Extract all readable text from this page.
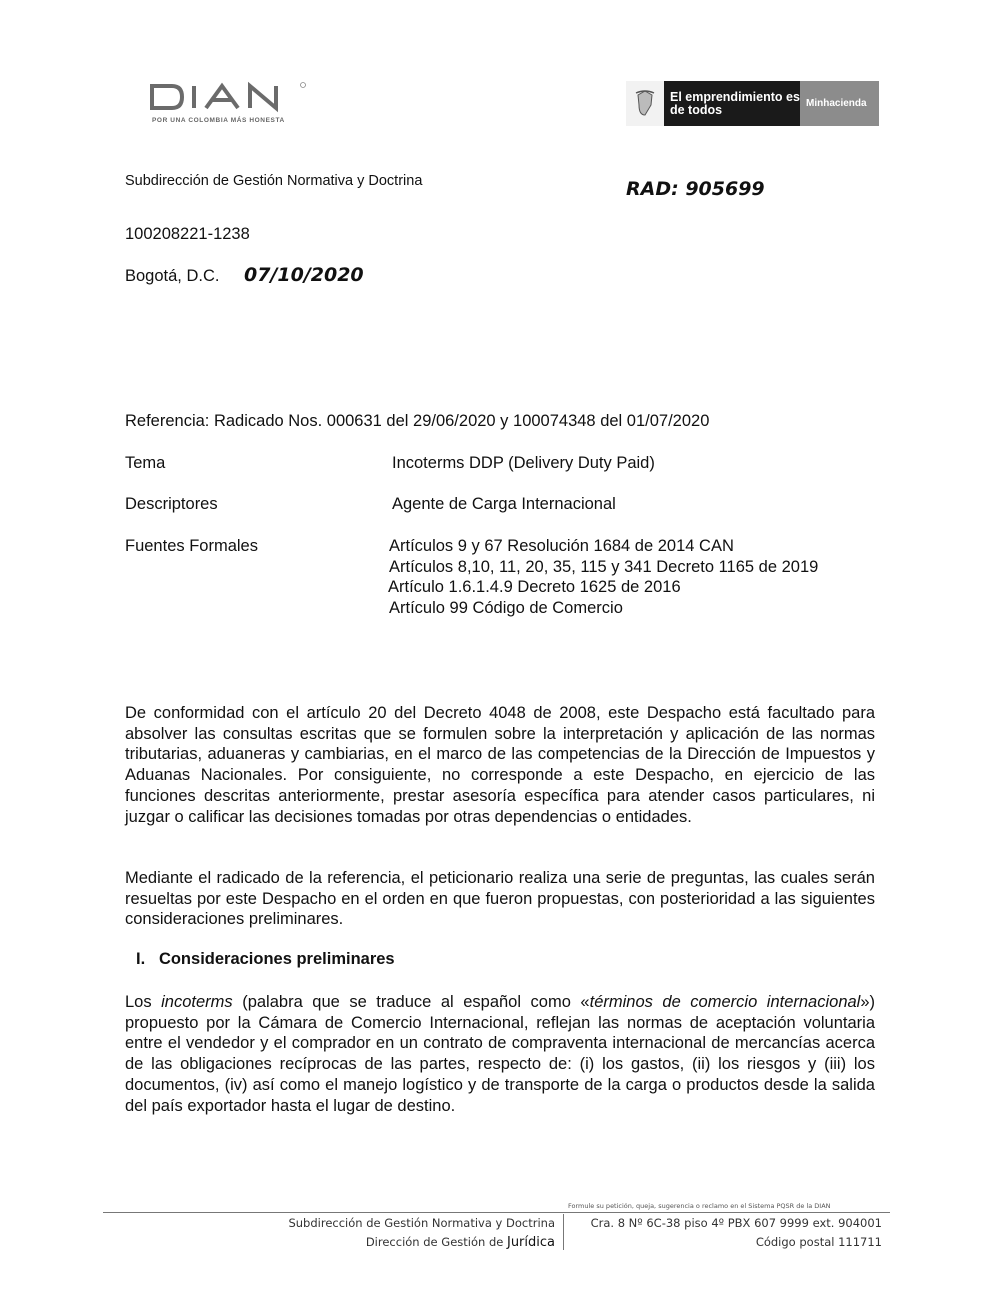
POR UNA COLOMBIA MÁS HONESTA
El emprendimiento es de todos	Minhacienda
Subdirección de Gestión Normativa y Doctrina	RAD: 905699
100208221-1238
Bogotá, D.C. 07/10/2020
Referencia: Radicado Nos. 000631 del 29/06/2020 y 100074348 del 01/07/2020
Tema	Incoterms DDP (Delivery Duty Paid)
Descriptores	Agente de Carga Internacional
Fuentes Formales	Artículos 9 y 67 Resolución 1684 de 2014 CAN
Artículos 8,10, 11, 20, 35, 115 y 341 Decreto 1165 de 2019
Artículo 1.6.1.4.9 Decreto 1625 de 2016
Artículo 99 Código de Comercio
De conformidad con el artículo 20 del Decreto 4048 de 2008, este Despacho está facultado para absolver las consultas escritas que se formulen sobre la interpretación y aplicación de las normas tributarias, aduaneras y cambiarias, en el marco de las competencias de la Dirección de Impuestos y Aduanas Nacionales. Por consiguiente, no corresponde a este Despacho, en ejercicio de las funciones descritas anteriormente, prestar asesoría específica para atender casos particulares, ni juzgar o calificar las decisiones tomadas por otras dependencias o entidades.
Mediante el radicado de la referencia, el peticionario realiza una serie de preguntas, las cuales serán resueltas por este Despacho en el orden en que fueron propuestas, con posterioridad a las siguientes consideraciones preliminares.
I. Consideraciones preliminares
Los incoterms (palabra que se traduce al español como «términos de comercio internacional») propuesto por la Cámara de Comercio Internacional, reflejan las normas de aceptación voluntaria entre el vendedor y el comprador en un contrato de compraventa internacional de mercancías acerca de las obligaciones recíprocas de las partes, respecto de: (i) los gastos, (ii) los riesgos y (iii) los documentos, (iv) así como el manejo logístico y de transporte de la carga o productos desde la salida del país exportador hasta el lugar de destino.
Formule su petición, queja, sugerencia o reclamo en el Sistema PQSR de la DIAN
Subdirección de Gestión Normativa y Doctrina
Dirección de Gestión de Jurídica
Cra. 8 Nº 6C-38 piso 4º PBX 607 9999 ext. 904001
Código postal 111711
